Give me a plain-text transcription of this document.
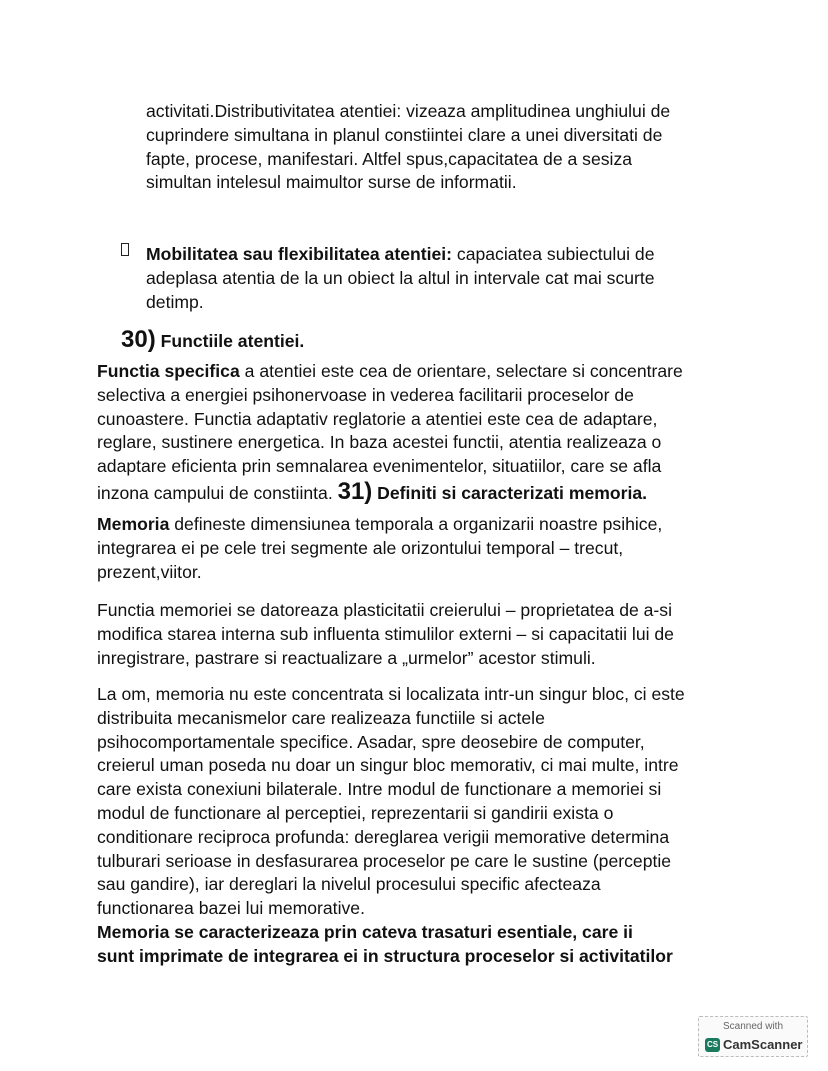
30) Functiile atentiei.
inzona campului de constiinta. 31) Definiti si caracterizati memoria.
activitati.Distributivitatea atentiei: vizeaza amplitudinea unghiului de
cuprindere simultana in planul constiintei clare a unei diversitati de
fapte, procese, manifestari. Altfel spus,capacitatea de a sesiza
simultan intelesul maimultor surse de informatii.
Mobilitatea sau flexibilitatea atentiei: capaciatea subiectului de
adeplasa atentia de la un obiect la altul in intervale cat mai scurte
detimp.
Functia specifica a atentiei este cea de orientare, selectare si concentrare
selectiva a energiei psihonervoase in vederea facilitarii proceselor de
cunoastere. Functia adaptativ reglatorie a atentiei este cea de adaptare,
reglare, sustinere energetica. In baza acestei functii, atentia realizeaza o
adaptare eficienta prin semnalarea evenimentelor, situatiilor, care se afla
Memoria defineste dimensiunea temporala a organizarii noastre psihice,
integrarea ei pe cele trei segmente ale orizontului temporal – trecut,
prezent,viitor.
Functia memoriei se datoreaza plasticitatii creierului – proprietatea de a-si
modifica starea interna sub influenta stimulilor externi – si capacitatii lui de
inregistrare, pastrare si reactualizare a „urmelor” acestor stimuli.
La om, memoria nu este concentrata si localizata intr-un singur bloc, ci este
distribuita mecanismelor care realizeaza functiile si actele
psihocomportamentale specifice. Asadar, spre deosebire de computer,
creierul uman poseda nu doar un singur bloc memorativ, ci mai multe, intre
care exista conexiuni bilaterale. Intre modul de functionare a memoriei si
modul de functionare al perceptiei, reprezentarii si gandirii exista o
conditionare reciproca profunda: dereglarea verigii memorative determina
tulburari serioase in desfasurarea proceselor pe care le sustine (perceptie
sau gandire), iar dereglari la nivelul procesului specific afecteaza
functionarea bazei lui memorative.
Memoria se caracterizeaza prin cateva trasaturi esentiale, care ii
sunt imprimate de integrarea ei in structura proceselor si activitatilor
Scanned with
CS CamScanner
